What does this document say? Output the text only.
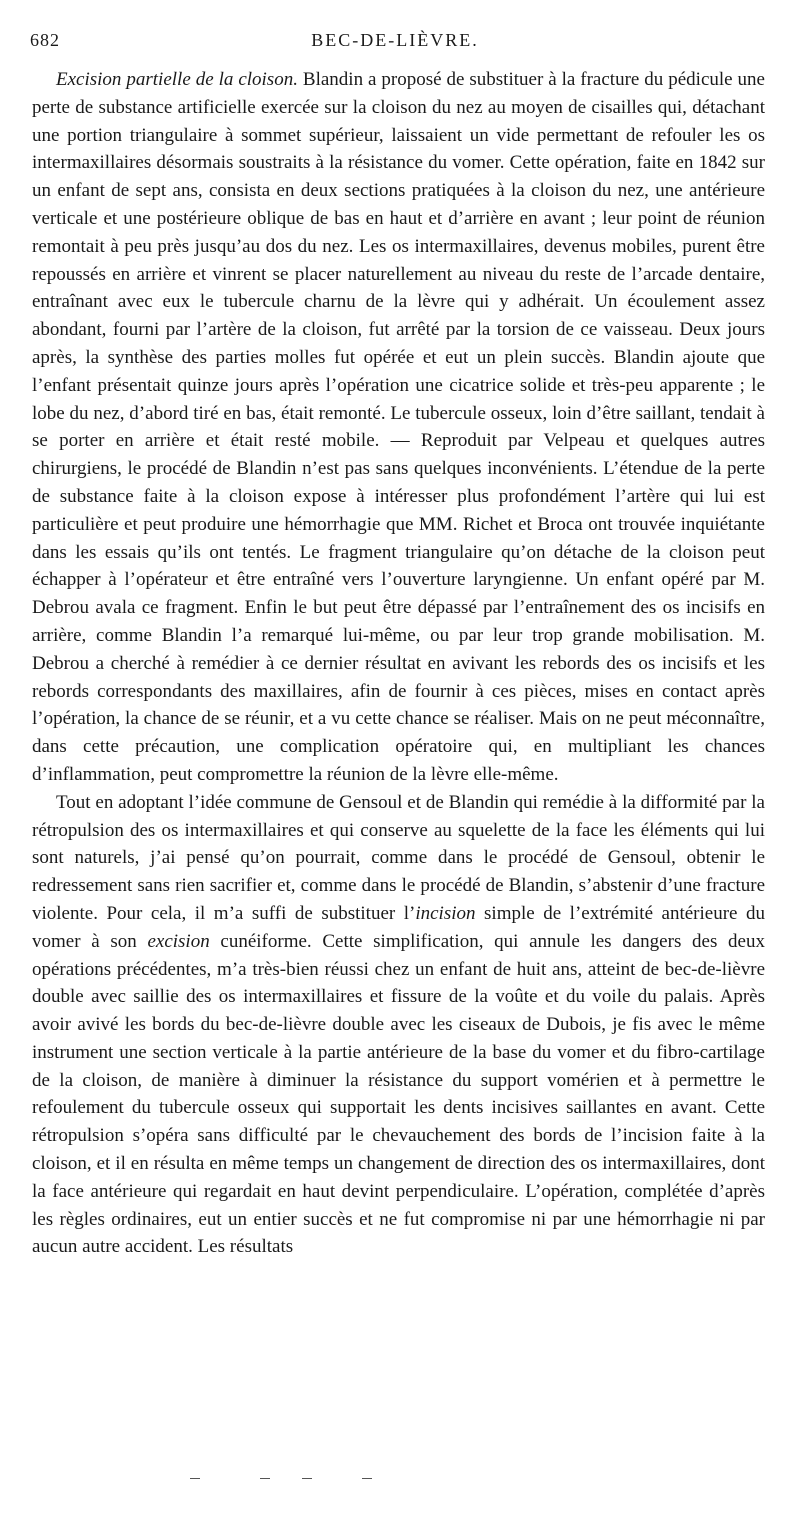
682	BEC-DE-LIÈVRE.

Excision partielle de la cloison. Blandin a proposé de substituer à la fracture du pédicule une perte de substance artificielle exercée sur la cloison du nez au moyen de cisailles qui, détachant une portion triangulaire à sommet supérieur, laissaient un vide permettant de refouler les os intermaxillaires désormais soustraits à la résistance du vomer. Cette opération, faite en 1842 sur un enfant de sept ans, consista en deux sections pratiquées à la cloison du nez, une antérieure verticale et une postérieure oblique de bas en haut et d’arrière en avant ; leur point de réunion remontait à peu près jusqu’au dos du nez. Les os intermaxillaires, devenus mobiles, purent être repoussés en arrière et vinrent se placer naturellement au niveau du reste de l’arcade dentaire, entraînant avec eux le tubercule charnu de la lèvre qui y adhérait. Un écoulement assez abondant, fourni par l’artère de la cloison, fut arrêté par la torsion de ce vaisseau. Deux jours après, la synthèse des parties molles fut opérée et eut un plein succès. Blandin ajoute que l’enfant présentait quinze jours après l’opération une cicatrice solide et très-peu apparente ; le lobe du nez, d’abord tiré en bas, était remonté. Le tubercule osseux, loin d’être saillant, tendait à se porter en arrière et était resté mobile. — Reproduit par Velpeau et quelques autres chirurgiens, le procédé de Blandin n’est pas sans quelques inconvénients. L’étendue de la perte de substance faite à la cloison expose à intéresser plus profondément l’artère qui lui est particulière et peut produire une hémorrhagie que MM. Richet et Broca ont trouvée inquiétante dans les essais qu’ils ont tentés. Le fragment triangulaire qu’on détache de la cloison peut échapper à l’opérateur et être entraîné vers l’ouverture laryngienne. Un enfant opéré par M. Debrou avala ce fragment. Enfin le but peut être dépassé par l’entraînement des os incisifs en arrière, comme Blandin l’a remarqué lui-même, ou par leur trop grande mobilisation. M. Debrou a cherché à remédier à ce dernier résultat en avivant les rebords des os incisifs et les rebords correspondants des maxillaires, afin de fournir à ces pièces, mises en contact après l’opération, la chance de se réunir, et a vu cette chance se réaliser. Mais on ne peut méconnaître, dans cette précaution, une complication opératoire qui, en multipliant les chances d’inflammation, peut compromettre la réunion de la lèvre elle-même.

Tout en adoptant l’idée commune de Gensoul et de Blandin qui remédie à la difformité par la rétropulsion des os intermaxillaires et qui conserve au squelette de la face les éléments qui lui sont naturels, j’ai pensé qu’on pourrait, comme dans le procédé de Gensoul, obtenir le redressement sans rien sacrifier et, comme dans le procédé de Blandin, s’abstenir d’une fracture violente. Pour cela, il m’a suffi de substituer l’incision simple de l’extrémité antérieure du vomer à son excision cunéiforme. Cette simplification, qui annule les dangers des deux opérations précédentes, m’a très-bien réussi chez un enfant de huit ans, atteint de bec-de-lièvre double avec saillie des os intermaxillaires et fissure de la voûte et du voile du palais. Après avoir avivé les bords du bec-de-lièvre double avec les ciseaux de Dubois, je fis avec le même instrument une section verticale à la partie antérieure de la base du vomer et du fibro-cartilage de la cloison, de manière à diminuer la résistance du support vomérien et à permettre le refoulement du tubercule osseux qui supportait les dents incisives saillantes en avant. Cette rétropulsion s’opéra sans difficulté par le chevauchement des bords de l’incision faite à la cloison, et il en résulta en même temps un changement de direction des os intermaxillaires, dont la face antérieure qui regardait en haut devint perpendiculaire. L’opération, complétée d’après les règles ordinaires, eut un entier succès et ne fut compromise ni par une hémorrhagie ni par aucun autre accident. Les résultats
